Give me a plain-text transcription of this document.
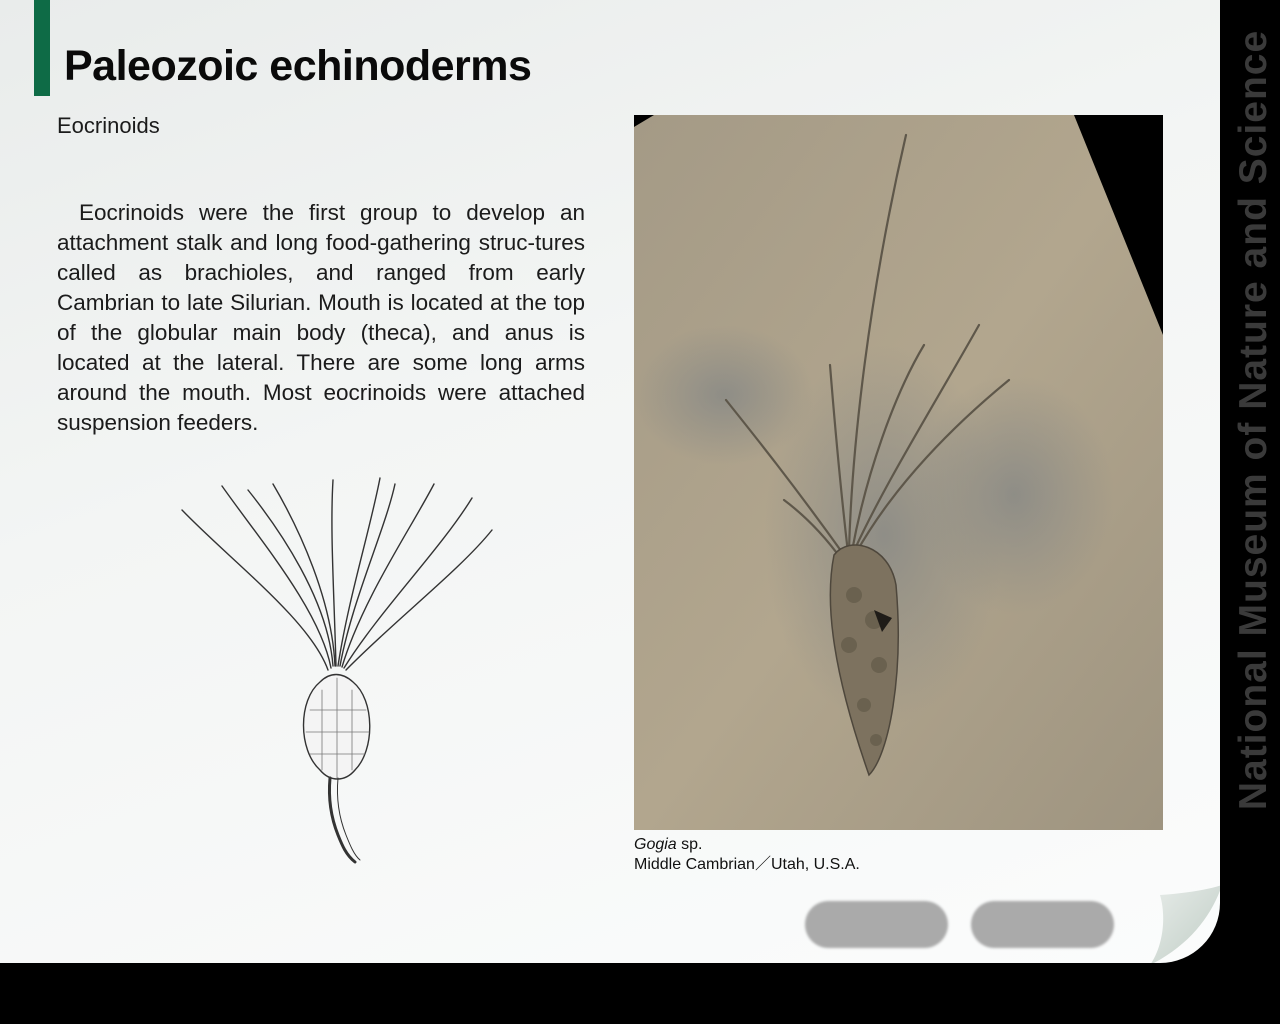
Paleozoic echinoderms
Eocrinoids

Eocrinoids were the first group to develop an attachment stalk and long food-gathering struc-tures called as brachioles, and ranged from early Cambrian to late Silurian. Mouth is located at the top of the globular main body (theca), and anus is located at the lateral. There are some long arms around the mouth. Most eocrinoids were attached suspension feeders.

Gogia sp.
Middle Cambrian／Utah, U.S.A.
National Museum of Nature and Science
